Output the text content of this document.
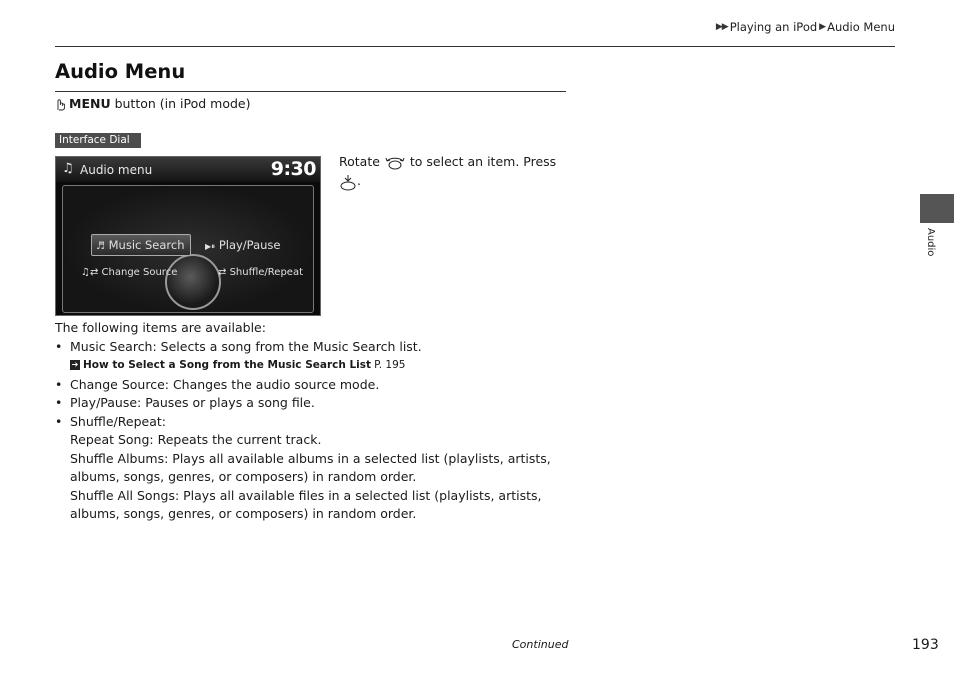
▶▶ Playing an iPod ▶ Audio Menu
Audio Menu
MENU button (in iPod mode)
Interface Dial
♫ Audio menu	9:30
♬ Music Search	▶⏸ Play/Pause
♫⇄ Change Source	⇄ Shuffle/Repeat
Rotate  to select an item. Press
.
The following items are available:
• Music Search: Selects a song from the Music Search list.
➔ How to Select a Song from the Music Search List P. 195
• Change Source: Changes the audio source mode.
• Play/Pause: Pauses or plays a song file.
• Shuffle/Repeat:
Repeat Song: Repeats the current track.
Shuffle Albums: Plays all available albums in a selected list (playlists, artists, albums, songs, genres, or composers) in random order.
Shuffle All Songs: Plays all available files in a selected list (playlists, artists, albums, songs, genres, or composers) in random order.
Audio
Continued	193
